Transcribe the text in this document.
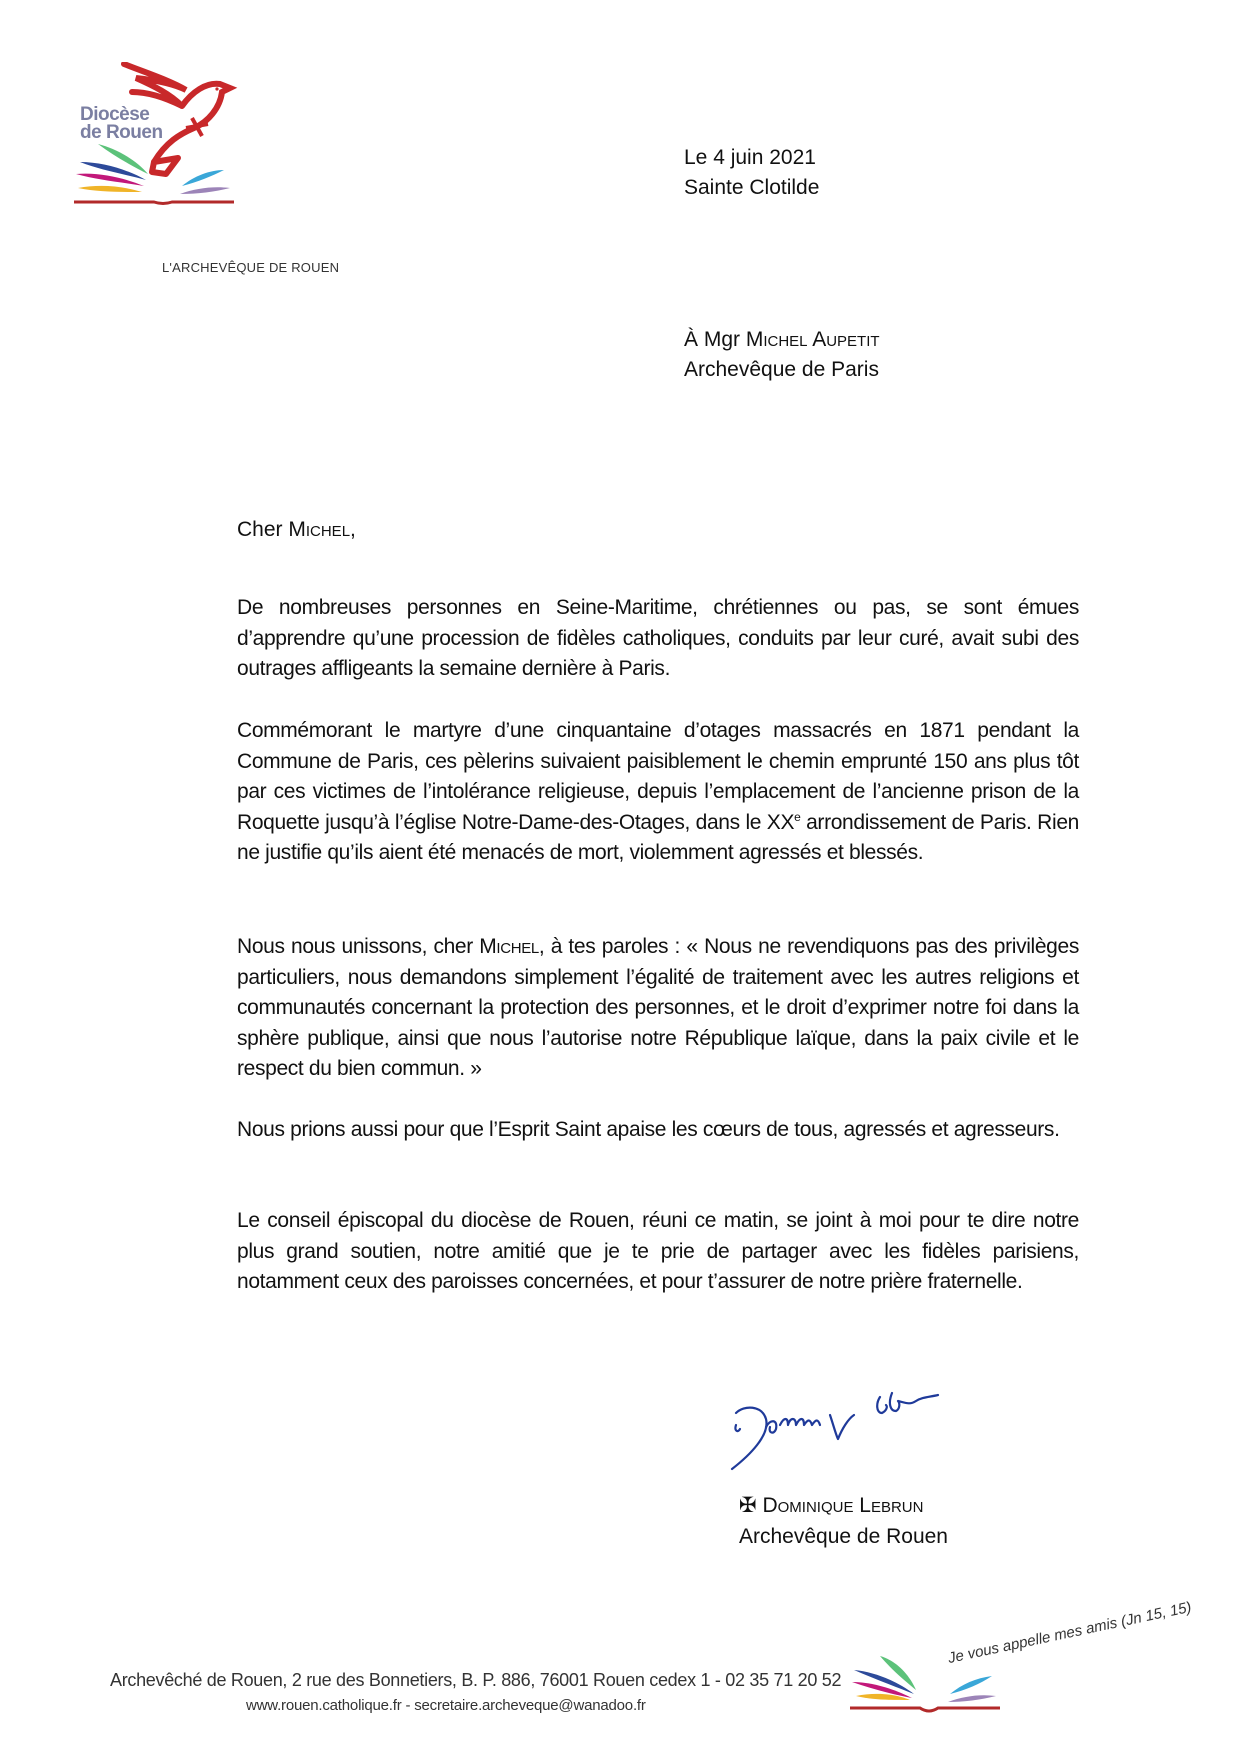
Diocèse
de Rouen
L'ARCHEVÊQUE DE ROUEN
Le 4 juin 2021
Sainte Clotilde
À Mgr Michel Aupetit
Archevêque de Paris
Cher Michel,
De nombreuses personnes en Seine-Maritime, chrétiennes ou pas, se sont émues d’apprendre qu’une procession de fidèles catholiques, conduits par leur curé, avait subi des outrages affligeants la semaine dernière à Paris.
Commémorant le martyre d’une cinquantaine d’otages massacrés en 1871 pendant la Commune de Paris, ces pèlerins suivaient paisiblement le chemin emprunté 150 ans plus tôt par ces victimes de l’intolérance religieuse, depuis l’emplacement de l’ancienne prison de la Roquette jusqu’à l’église Notre-Dame-des-Otages, dans le XXe arrondissement de Paris. Rien ne justifie qu’ils aient été menacés de mort, violemment agressés et blessés.
Nous nous unissons, cher Michel, à tes paroles : « Nous ne revendiquons pas des privilèges particuliers, nous demandons simplement l’égalité de traitement avec les autres religions et communautés concernant la protection des personnes, et le droit d’exprimer notre foi dans la sphère publique, ainsi que nous l’autorise notre République laïque, dans la paix civile et le respect du bien commun. »
Nous prions aussi pour que l’Esprit Saint apaise les cœurs de tous, agressés et agresseurs.
Le conseil épiscopal du diocèse de Rouen, réuni ce matin, se joint à moi pour te dire notre plus grand soutien, notre amitié que je te prie de partager avec les fidèles parisiens, notamment ceux des paroisses concernées, et pour t’assurer de notre prière fraternelle.
✠ Dominique Lebrun
Archevêque de Rouen
Archevêché de Rouen, 2 rue des Bonnetiers, B. P. 886, 76001 Rouen cedex 1 - 02 35 71 20 52
www.rouen.catholique.fr - secretaire.archeveque@wanadoo.fr
Je vous appelle mes amis (Jn 15, 15)
